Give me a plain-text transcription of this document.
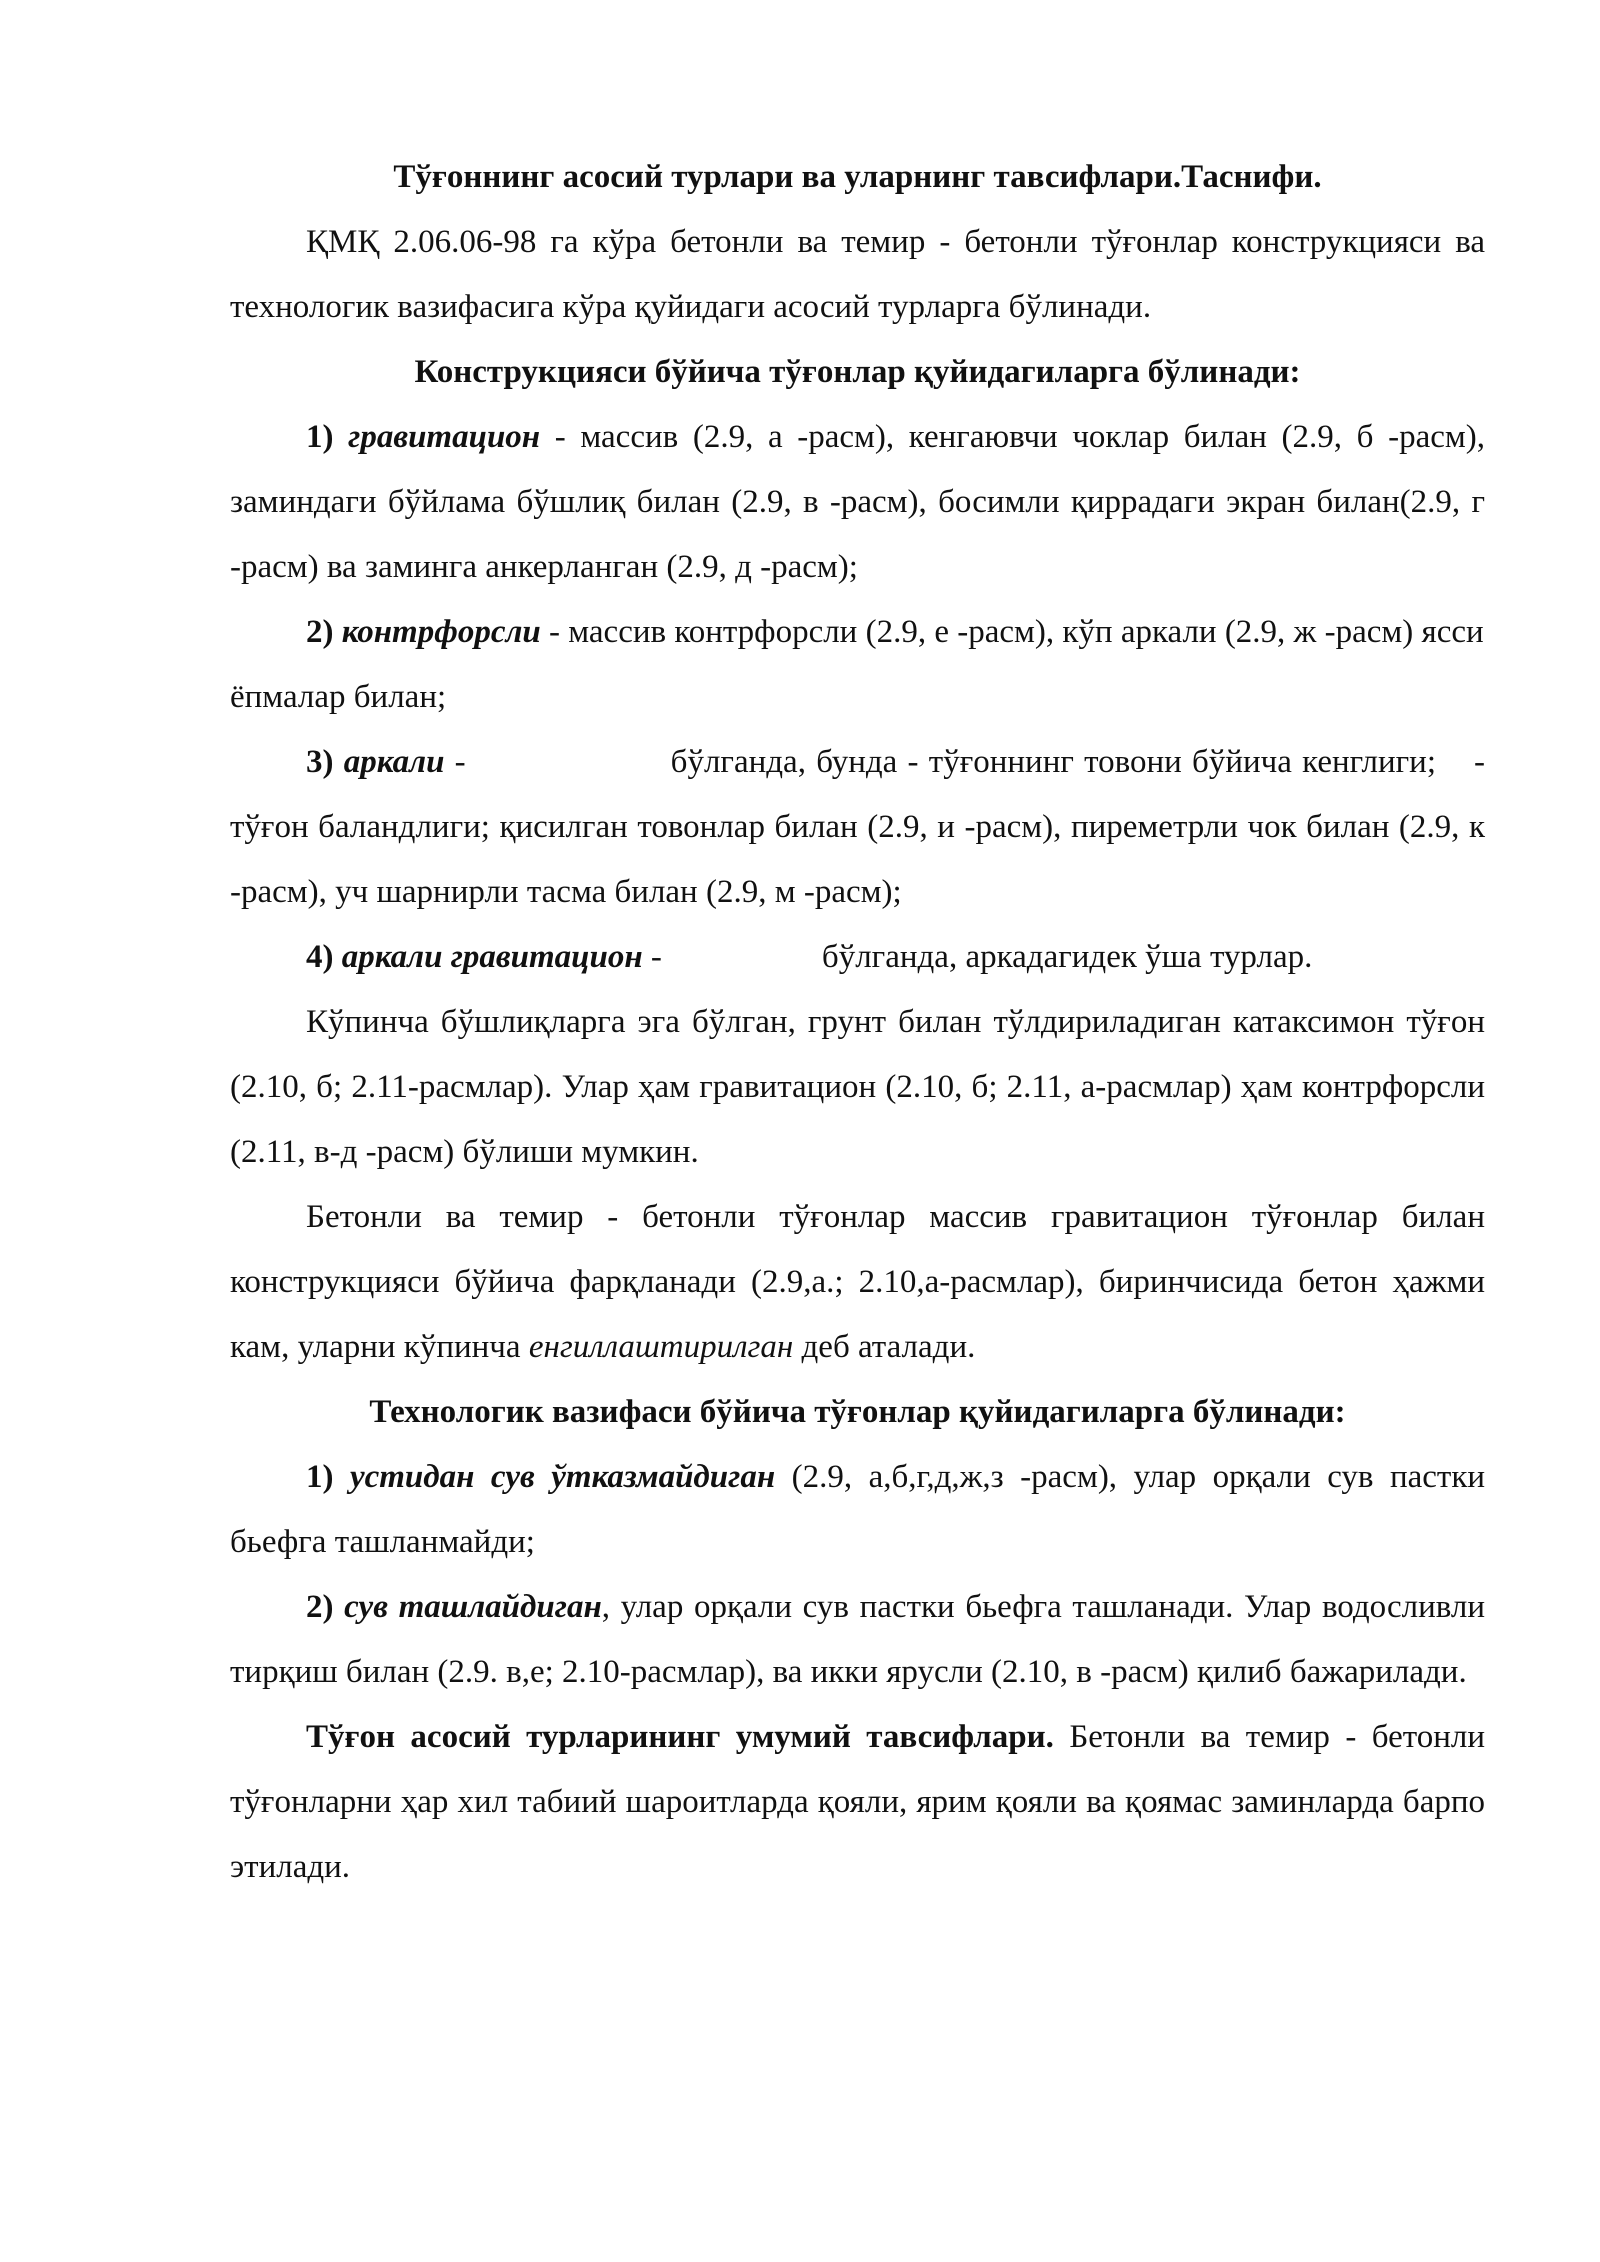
Тўғоннинг асосий турлари ва уларнинг тавсифлари.Таснифи.

ҚМҚ 2.06.06-98 га кўра бетонли ва темир - бетонли тўғонлар конструкцияси ва технологик вазифасига кўра қуйидаги асосий турларга бўлинади.

Конструкцияси бўйича тўғонлар қуйидагиларга бўлинади:

1) гравитацион - массив (2.9, а -расм), кенгаювчи чоклар билан (2.9, б -расм), заминдаги бўйлама бўшлиқ билан (2.9, в -расм), босимли қиррадаги экран билан(2.9, г -расм) ва заминга анкерланган (2.9, д -расм);

2) контрфорсли - массив контрфорсли (2.9, е -расм), кўп аркали (2.9, ж -расм) ясси ёпмалар билан;

3) аркали -	бўлганда, бунда - тўғоннинг товони бўйича кенглиги; - тўғон баландлиги; қисилган товонлар билан (2.9, и -расм), пиреметрли чок билан (2.9, к -расм), уч шарнирли тасма билан (2.9, м -расм);

4) аркали гравитацион -	бўлганда, аркадагидек ўша турлар.

Кўпинча бўшлиқларга эга бўлган, грунт билан тўлдириладиган катаксимон тўғон (2.10, б; 2.11-расмлар). Улар ҳам гравитацион (2.10, б; 2.11, а-расмлар) ҳам контрфорсли (2.11, в-д -расм) бўлиши мумкин.

Бетонли ва темир - бетонли тўғонлар массив гравитацион тўғонлар билан конструкцияси бўйича фарқланади (2.9,а.; 2.10,а-расмлар), биринчисида бетон ҳажми кам, уларни кўпинча енгиллаштирилган деб аталади.

Технологик вазифаси бўйича тўғонлар қуйидагиларга бўлинади:

1) устидан сув ўтказмайдиган (2.9, а,б,г,д,ж,з -расм), улар орқали сув пастки бьефга ташланмайди;

2) сув ташлайдиган, улар орқали сув пастки бьефга ташланади. Улар водосливли тирқиш билан (2.9. в,е; 2.10-расмлар), ва икки ярусли (2.10, в -расм) қилиб бажарилади.

Тўғон асосий турларининг умумий тавсифлари. Бетонли ва темир - бетонли тўғонларни ҳар хил табиий шароитларда қояли, ярим қояли ва қоямас заминларда барпо этилади.
